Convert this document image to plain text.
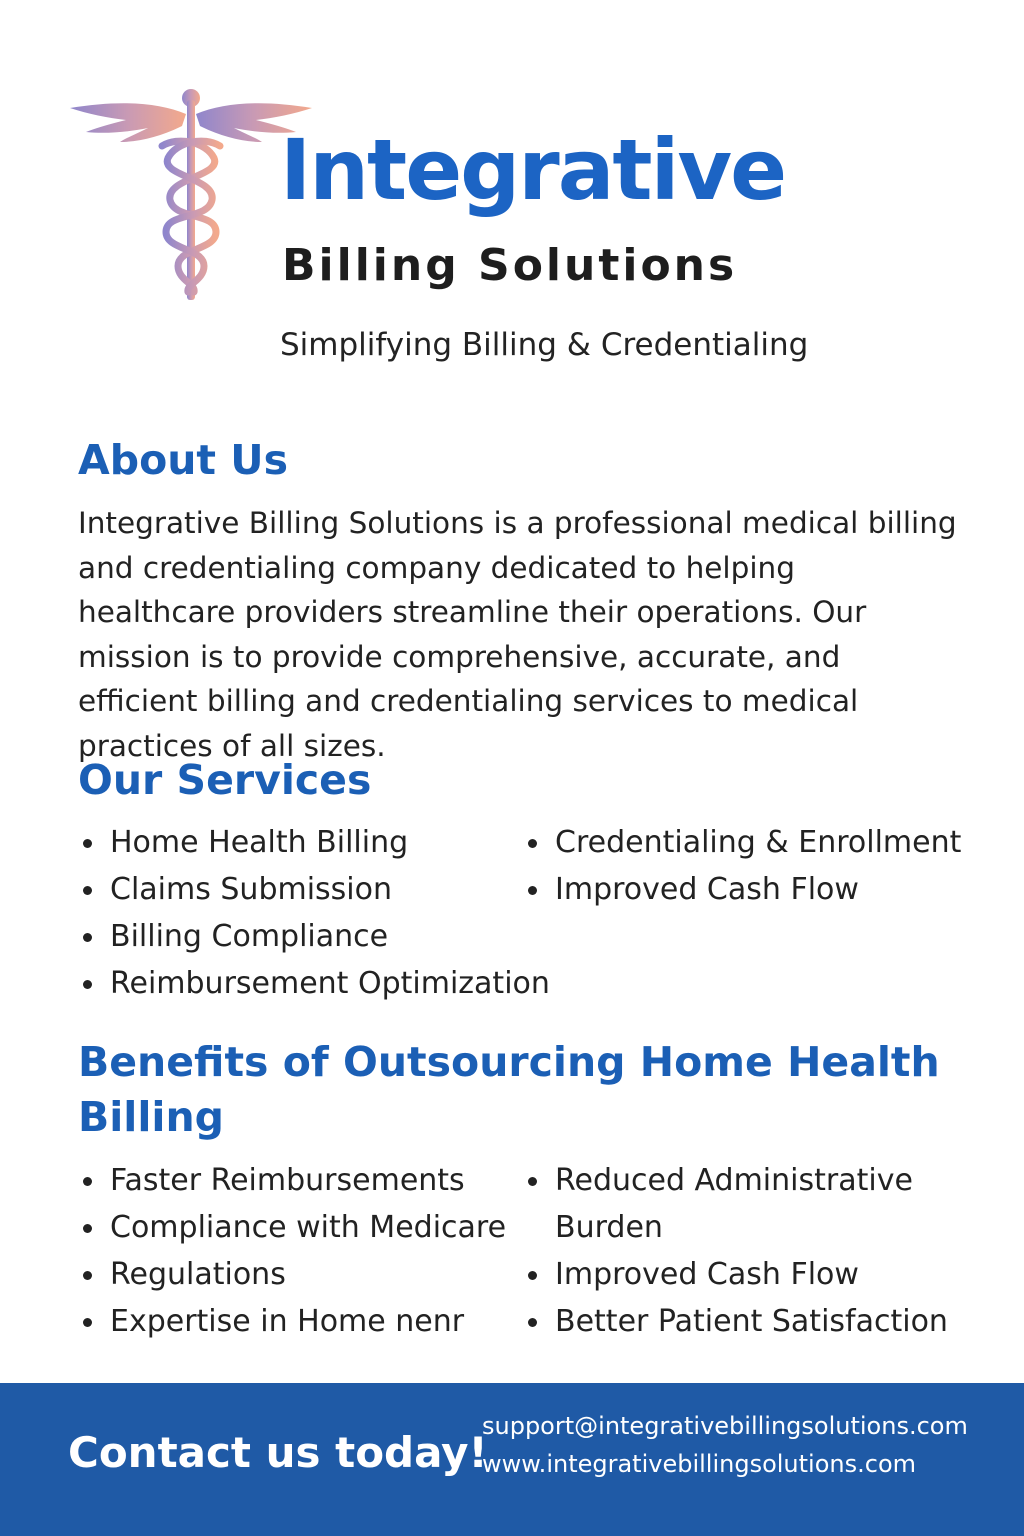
Integrative
Billing Solutions

Simplifying Billing & Credentialing

About Us

Integrative Billing Solutions is a professional medical billing and credentialing company dedicated to helping healthcare providers streamline their operations. Our mission is to provide comprehensive, accurate, and efficient billing and credentialing services to medical practices of all sizes.

Our Services
Home Health Billing
Claims Submission
Billing Compliance
Reimbursement Optimization
Credentialing & Enrollment
Improved Cash Flow
Benefits of Outsourcing Home Health
Billing
Faster Reimbursements
Compliance with Medicare
Regulations
Expertise in Home nenr
Reduced Administrative
Burden
Improved Cash Flow
Better Patient Satisfaction

Contact us today!

support@integrativebillingsolutions.com

www.integrativebillingsolutions.com
